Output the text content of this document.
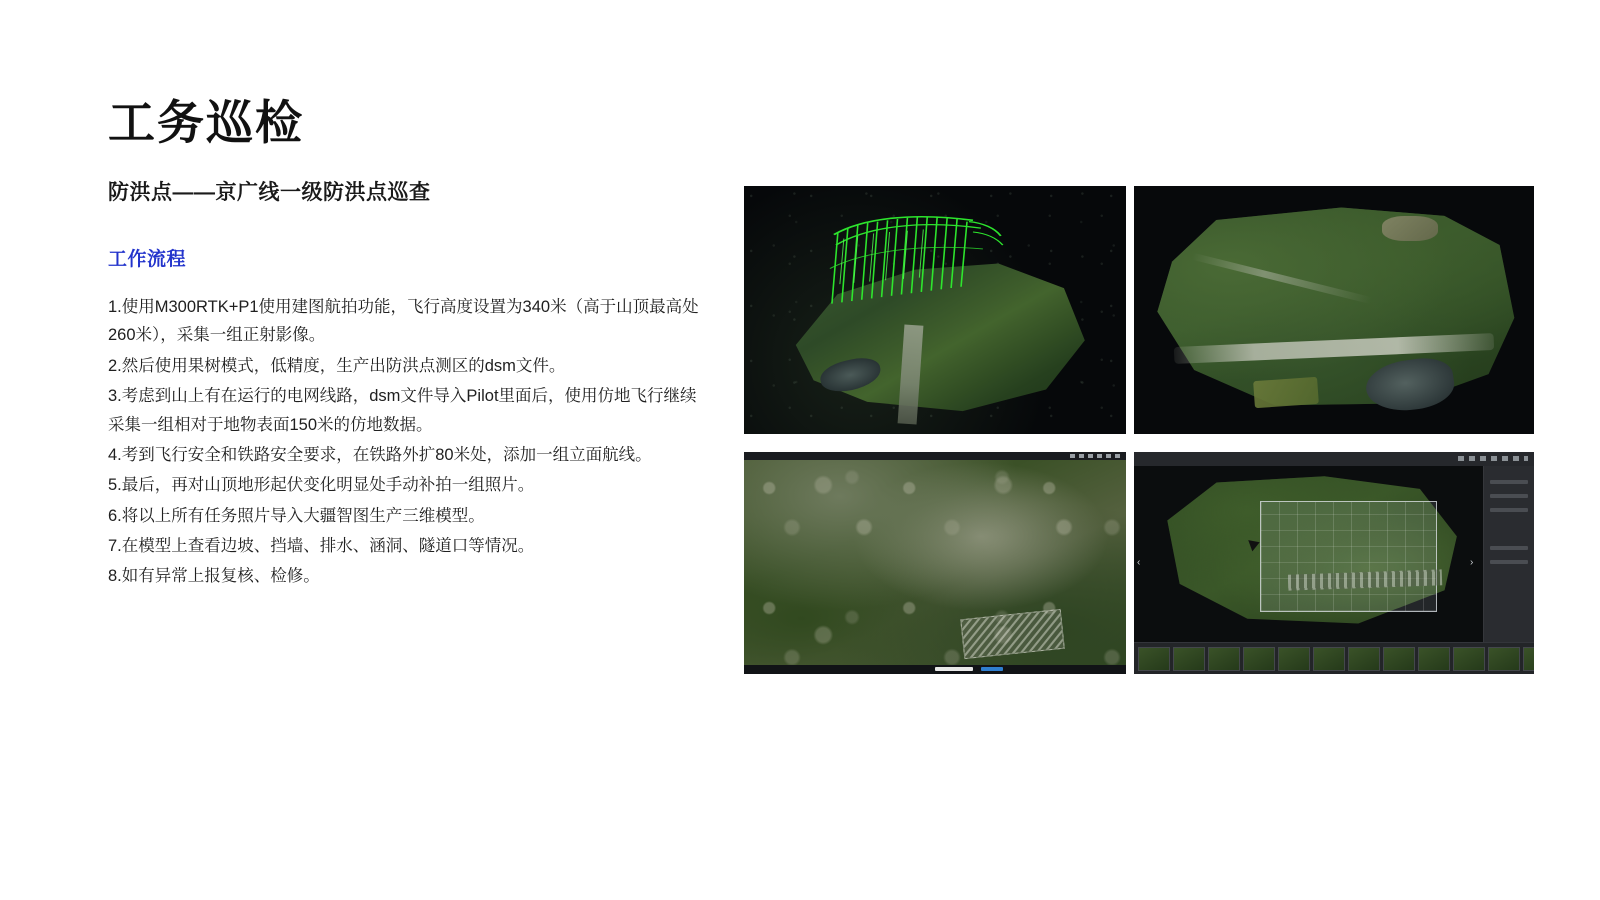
工务巡检
防洪点——京广线一级防洪点巡查
工作流程
1.使用M300RTK+P1使用建图航拍功能，飞行高度设置为340米（高于山顶最高处260米），采集一组正射影像。
2.然后使用果树模式，低精度，生产出防洪点测区的dsm文件。
3.考虑到山上有在运行的电网线路，dsm文件导入Pilot里面后，使用仿地飞行继续采集一组相对于地物表面150米的仿地数据。
4.考到飞行安全和铁路安全要求，在铁路外扩80米处，添加一组立面航线。
5.最后，再对山顶地形起伏变化明显处手动补拍一组照片。
6.将以上所有任务照片导入大疆智图生产三维模型。
7.在模型上查看边坡、挡墙、排水、涵洞、隧道口等情况。
8.如有异常上报复核、检修。
‹	›
